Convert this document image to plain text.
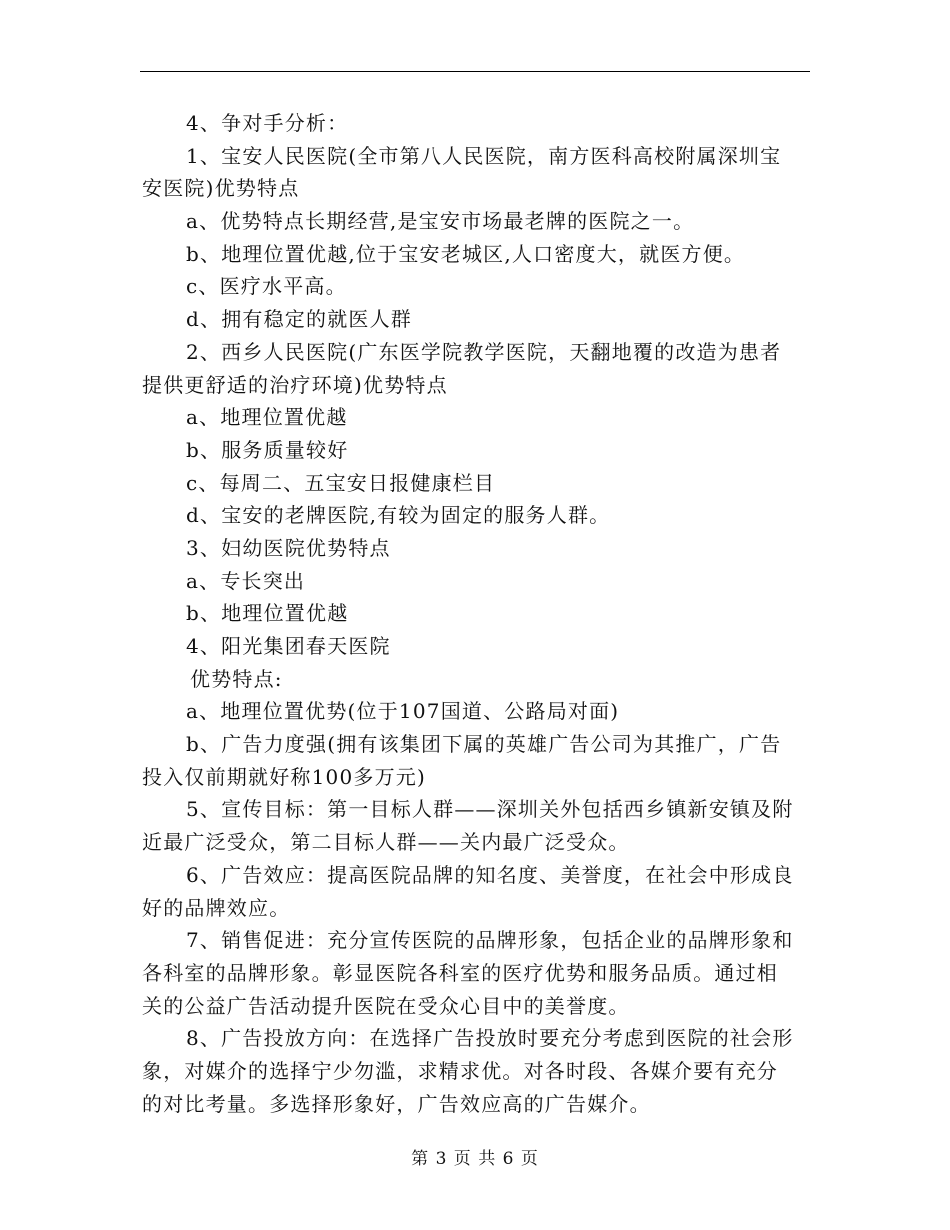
4、争对手分析：
1、宝安人民医院(全市第八人民医院，南方医科高校附属深圳宝
安医院)优势特点
a、优势特点长期经营,是宝安市场最老牌的医院之一。
b、地理位置优越,位于宝安老城区,人口密度大，就医方便。
c、医疗水平高。
d、拥有稳定的就医人群
2、西乡人民医院(广东医学院教学医院，天翻地覆的改造为患者
提供更舒适的治疗环境)优势特点
a、地理位置优越
b、服务质量较好
c、每周二、五宝安日报健康栏目
d、宝安的老牌医院,有较为固定的服务人群。
3、妇幼医院优势特点
a、专长突出
b、地理位置优越
4、阳光集团春天医院
优势特点:
a、地理位置优势(位于107国道、公路局对面)
b、广告力度强(拥有该集团下属的英雄广告公司为其推广，广告
投入仅前期就好称100多万元)
5、宣传目标：第一目标人群——深圳关外包括西乡镇新安镇及附
近最广泛受众，第二目标人群——关内最广泛受众。
6、广告效应：提高医院品牌的知名度、美誉度，在社会中形成良
好的品牌效应。
7、销售促进：充分宣传医院的品牌形象，包括企业的品牌形象和
各科室的品牌形象。彰显医院各科室的医疗优势和服务品质。通过相
关的公益广告活动提升医院在受众心目中的美誉度。
8、广告投放方向：在选择广告投放时要充分考虑到医院的社会形
象，对媒介的选择宁少勿滥，求精求优。对各时段、各媒介要有充分
的对比考量。多选择形象好，广告效应高的广告媒介。
第 3 页 共 6 页
